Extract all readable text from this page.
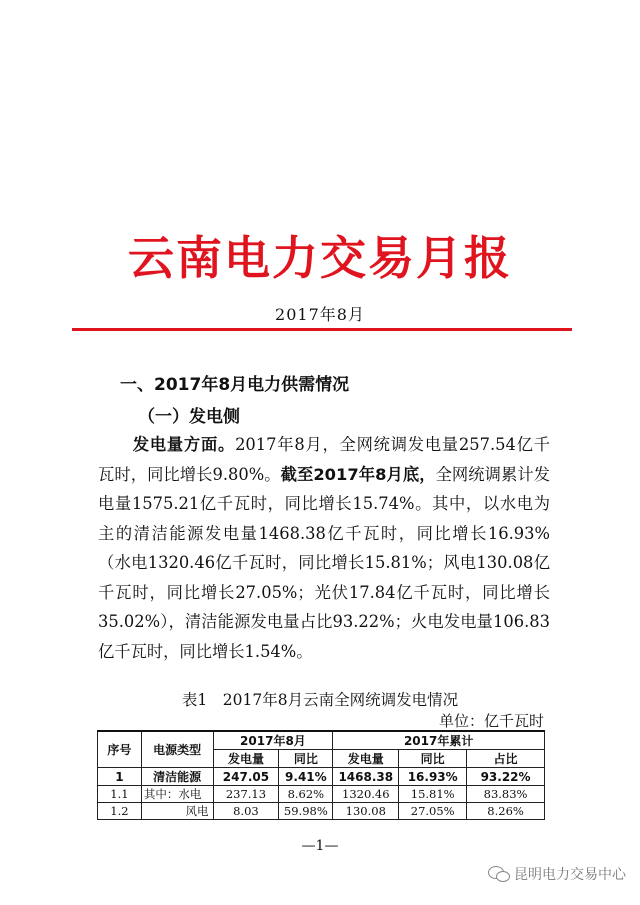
云南电力交易月报
2017年8月
一、2017年8月电力供需情况
（一）发电侧
发电量方面。2017年8月，全网统调发电量257.54亿千瓦时，同比增长9.80%。截至2017年8月底，全网统调累计发电量1575.21亿千瓦时，同比增长15.74%。其中，以水电为主的清洁能源发电量1468.38亿千瓦时，同比增长16.93%（水电1320.46亿千瓦时，同比增长15.81%；风电130.08亿千瓦时，同比增长27.05%；光伏17.84亿千瓦时，同比增长35.02%），清洁能源发电量占比93.22%；火电发电量106.83亿千瓦时，同比增长1.54%。
表1　2017年8月云南全网统调发电情况
单位：亿千瓦时
序号	电源类型	2017年8月		2017年累计		
		发电量	同比	发电量	同比	占比
1	清洁能源	247.05	9.41%	1468.38	16.93%	93.22%
1.1	其中：水电	237.13	8.62%	1320.46	15.81%	83.83%
1.2	风电	8.03	59.98%	130.08	27.05%	8.26%
—1—
昆明电力交易中心
